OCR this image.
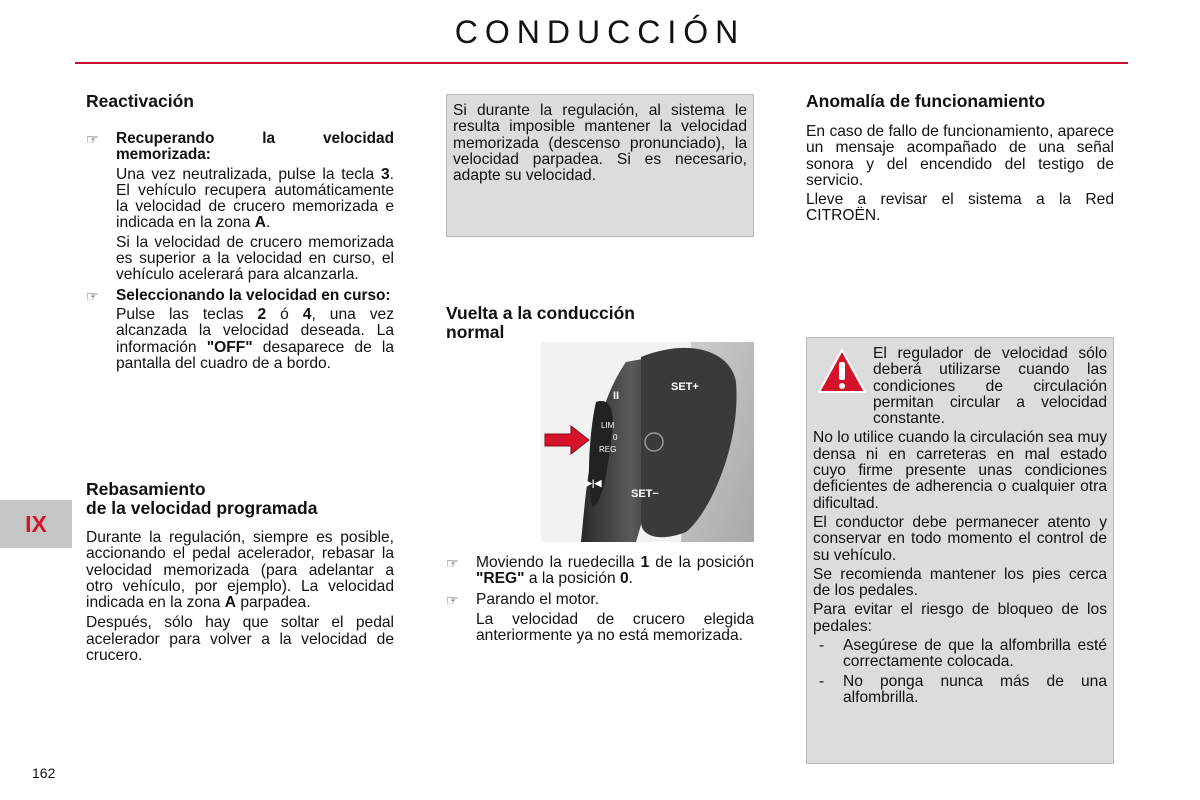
CONDUCCIÓN
IX
162
Reactivación
☞ Recuperando la velocidad memorizada:

Una vez neutralizada, pulse la tecla 3. El vehículo recupera automáticamente la velocidad de crucero memorizada e indicada en la zona A.

Si la velocidad de crucero memorizada es superior a la velocidad en curso, el vehículo acelerará para alcanzarla.

☞ Seleccionando la velocidad en curso:

Pulse las teclas 2 ó 4, una vez alcanzada la velocidad deseada. La información "OFF" desaparece de la pantalla del cuadro de a bordo.

Rebasamiento
de la velocidad programada

Durante la regulación, siempre es posible, accionando el pedal acelerador, rebasar la velocidad memorizada (para adelantar a otro vehículo, por ejemplo). La velocidad indicada en la zona A parpadea.

Después, sólo hay que soltar el pedal acelerador para volver a la velocidad de crucero.

Si durante la regulación, al sistema le resulta imposible mantener la velocidad memorizada (descenso pronunciado), la velocidad parpadea. Si es necesario, adapte su velocidad.

Vuelta a la conducción
normal
II
SET+
LIM
0
REG
▶|◀
SET−
☞ Moviendo la ruedecilla 1 de la posición "REG" a la posición 0.

☞ Parando el motor.

La velocidad de crucero elegida anteriormente ya no está memorizada.

Anomalía de funcionamiento

En caso de fallo de funcionamiento, aparece un mensaje acompañado de una señal sonora y del encendido del testigo de servicio.

Lleve a revisar el sistema a la Red CITROËN.

El regulador de velocidad sólo deberá utilizarse cuando las condiciones de circulación permitan circular a velocidad constante.

No lo utilice cuando la circulación sea muy densa ni en carreteras en mal estado cuyo firme presente unas condiciones deficientes de adherencia o cualquier otra dificultad.

El conductor debe permanecer atento y conservar en todo momento el control de su vehículo.

Se recomienda mantener los pies cerca de los pedales.

Para evitar el riesgo de bloqueo de los pedales:

- Asegúrese de que la alfombrilla esté correctamente colocada.
- No ponga nunca más de una alfombrilla.
